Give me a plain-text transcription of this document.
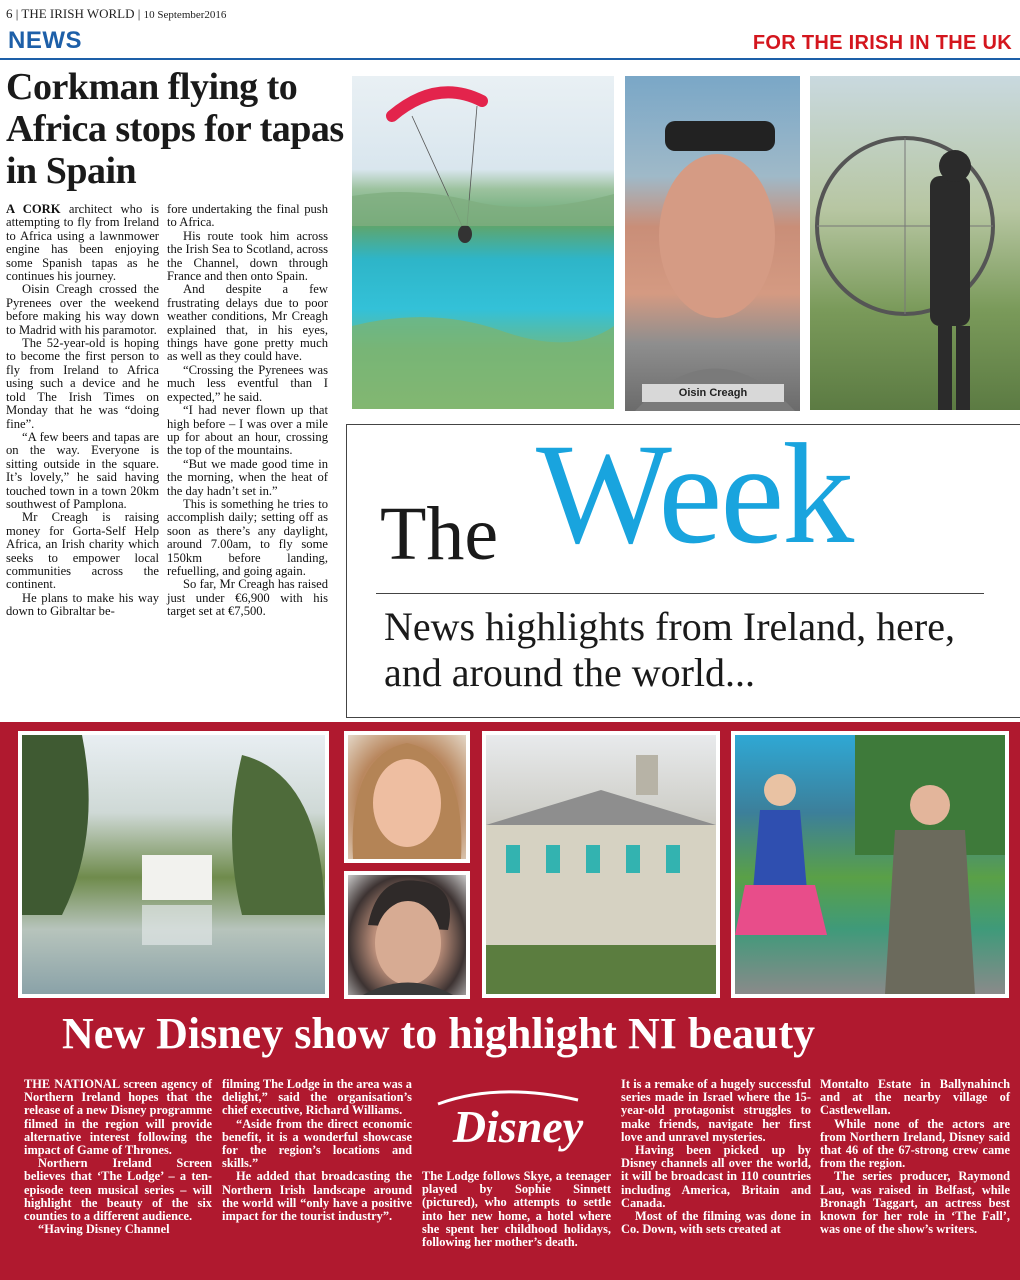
6 | THE IRISH WORLD | 10 September2016
NEWS	FOR THE IRISH IN THE UK
Corkman flying to Africa stops for tapas in Spain

A CORK architect who is attempting to fly from Ireland to Africa using a lawnmower engine has been enjoying some Spanish tapas as he continues his journey.

Oisin Creagh crossed the Pyrenees over the weekend before making his way down to Madrid with his paramotor.

The 52-year-old is hoping to become the first person to fly from Ireland to Africa using such a device and he told The Irish Times on Monday that he was “doing fine”.

“A few beers and tapas are on the way. Everyone is sitting outside in the square. It’s lovely,” he said having touched town in a town 20km southwest of Pamplona.

Mr Creagh is raising money for Gorta-Self Help Africa, an Irish charity which seeks to empower local communities across the continent.

He plans to make his way down to Gibraltar be-

fore undertaking the final push to Africa.

His route took him across the Irish Sea to Scotland, across the Channel, down through France and then onto Spain.

And despite a few frustrating delays due to poor weather conditions, Mr Creagh explained that, in his eyes, things have gone pretty much as well as they could have.

“Crossing the Pyrenees was much less eventful than I expected,” he said.

“I had never flown up that high before – I was over a mile up for about an hour, crossing the top of the mountains.

“But we made good time in the morning, when the heat of the day hadn’t set in.”

This is something he tries to accomplish daily; setting off as soon as there’s any daylight, around 7.00am, to fly some 150km before landing, refuelling, and going again.

So far, Mr Creagh has raised just under €6,900 with his target set at €7,500.

Oisin Creagh
The Week
News highlights from Ireland, here, and around the world...
New Disney show to highlight NI beauty

THE NATIONAL screen agency of Northern Ireland hopes that the release of a new Disney programme filmed in the region will provide alternative interest following the impact of Game of Thrones.

Northern Ireland Screen believes that ‘The Lodge’ – a ten-episode teen musical series – will highlight the beauty of the six counties to a different audience.

“Having Disney Channel

filming The Lodge in the area was a delight,” said the organisation’s chief executive, Richard Williams.

“Aside from the direct economic benefit, it is a wonderful showcase for the region’s locations and skills.”

He added that broadcasting the Northern Irish landscape around the world will “only have a positive impact for the tourist industry”.

Disney

The Lodge follows Skye, a teenager played by Sophie Sinnett (pictured), who attempts to settle into her new home, a hotel where she spent her childhood holidays, following her mother’s death.

It is a remake of a hugely successful series made in Israel where the 15-year-old protagonist struggles to make friends, navigate her first love and unravel mysteries.

Having been picked up by Disney channels all over the world, it will be broadcast in 110 countries including America, Britain and Canada.

Most of the filming was done in Co. Down, with sets created at

Montalto Estate in Ballynahinch and at the nearby village of Castlewellan.

While none of the actors are from Northern Ireland, Disney said that 46 of the 67-strong crew came from the region.

The series producer, Raymond Lau, was raised in Belfast, while Bronagh Taggart, an actress best known for her role in ‘The Fall’, was one of the show’s writers.
